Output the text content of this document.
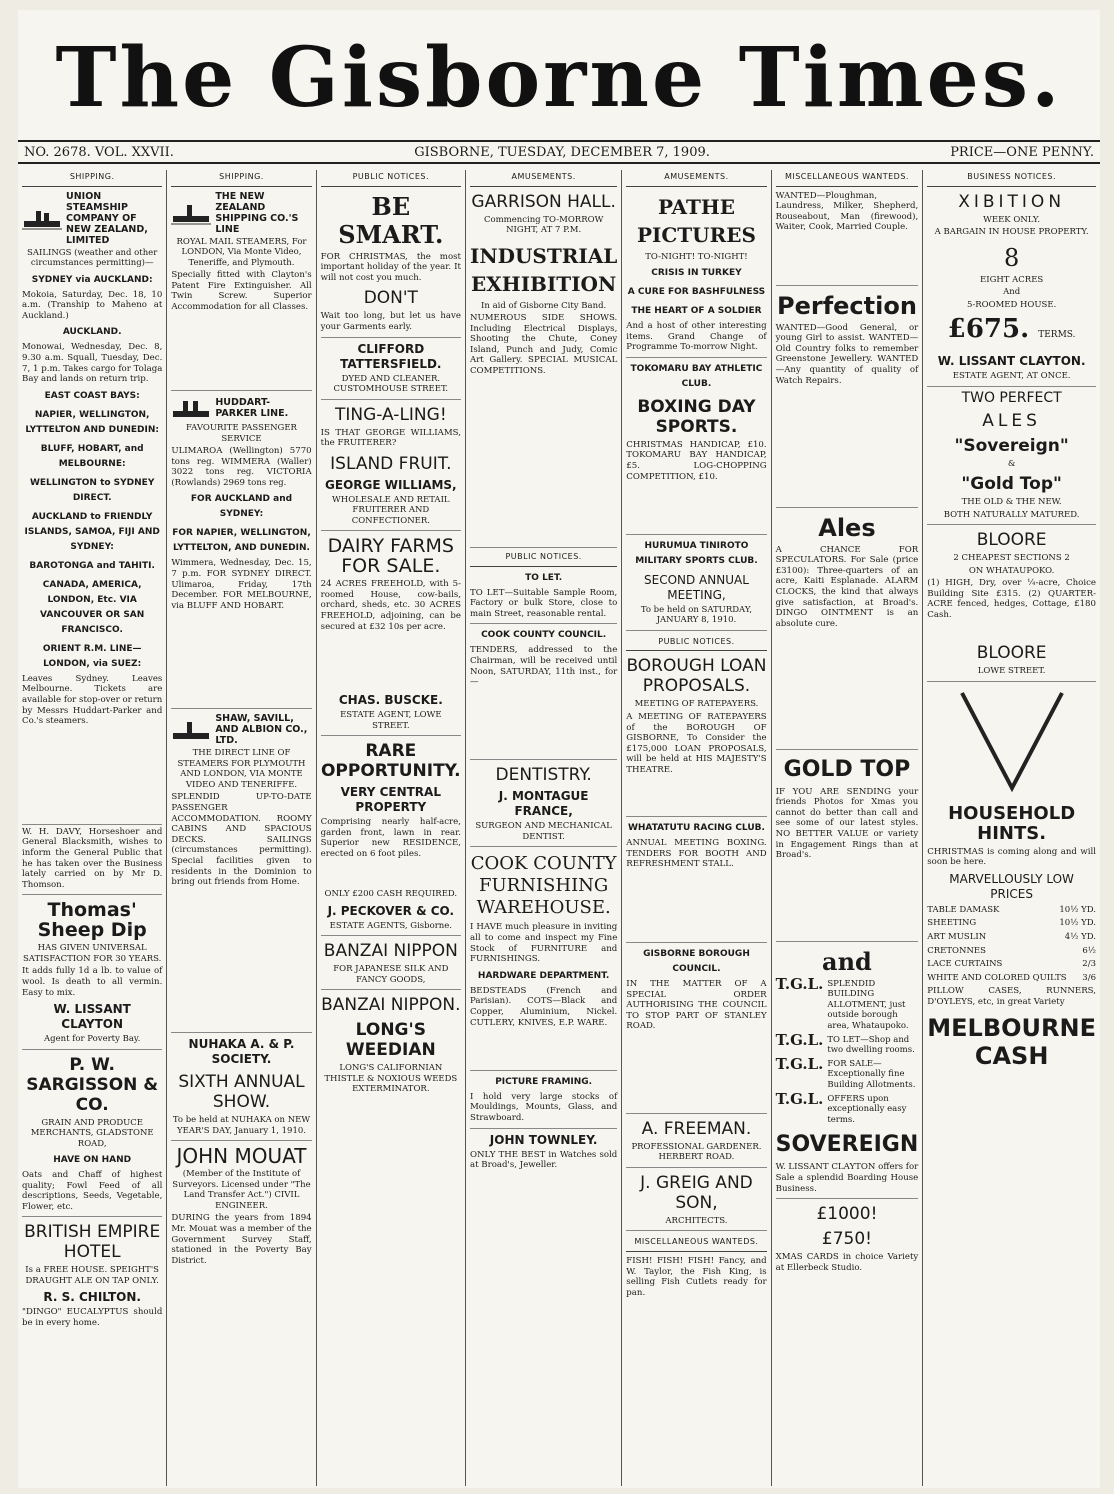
The Gisborne Times.
NO. 2678. VOL. XXVII.	GISBORNE, TUESDAY, DECEMBER 7, 1909.	PRICE—ONE PENNY.
SHIPPING.
UNION STEAMSHIP COMPANY OF NEW ZEALAND, LIMITED
SAILINGS (weather and other circumstances permitting)—
SYDNEY via AUCKLAND:
Mokoia, Saturday, Dec. 18, 10 a.m. (Tranship to Maheno at Auckland.)
AUCKLAND.
Monowai, Wednesday, Dec. 8, 9.30 a.m. Squall, Tuesday, Dec. 7, 1 p.m. Takes cargo for Tolaga Bay and lands on return trip.
EAST COAST BAYS:
NAPIER, WELLINGTON, LYTTELTON AND DUNEDIN:
BLUFF, HOBART, and MELBOURNE:
WELLINGTON to SYDNEY DIRECT.
AUCKLAND to FRIENDLY ISLANDS, SAMOA, FIJI AND SYDNEY:
BAROTONGA and TAHITI.
CANADA, AMERICA, LONDON, Etc. VIA VANCOUVER OR SAN FRANCISCO.
ORIENT R.M. LINE—LONDON, via SUEZ:
Leaves Sydney. Leaves Melbourne. Tickets are available for stop-over or return by Messrs Huddart-Parker and Co.'s steamers.
W. H. DAVY, Horseshoer and General Blacksmith, wishes to inform the General Public that he has taken over the Business lately carried on by Mr D. Thomson.
Thomas' Sheep Dip
HAS GIVEN UNIVERSAL SATISFACTION FOR 30 YEARS.
It adds fully 1d a lb. to value of wool. Is death to all vermin. Easy to mix.
W. LISSANT CLAYTON
Agent for Poverty Bay.
P. W. SARGISSON & CO.
GRAIN AND PRODUCE MERCHANTS, GLADSTONE ROAD,
HAVE ON HAND
Oats and Chaff of highest quality; Fowl Feed of all descriptions, Seeds, Vegetable, Flower, etc.
BRITISH EMPIRE HOTEL
Is a FREE HOUSE. SPEIGHT'S DRAUGHT ALE ON TAP ONLY.
R. S. CHILTON.
"DINGO" EUCALYPTUS should be in every home.
SHIPPING.
THE NEW ZEALAND SHIPPING CO.'S LINE
ROYAL MAIL STEAMERS, For LONDON, Via Monte Video, Teneriffe, and Plymouth.
Specially fitted with Clayton's Patent Fire Extinguisher. All Twin Screw. Superior Accommodation for all Classes.
HUDDART-PARKER LINE.
FAVOURITE PASSENGER SERVICE
ULIMAROA (Wellington) 5770 tons reg. WIMMERA (Waller) 3022 tons reg. VICTORIA (Rowlands) 2969 tons reg.
FOR AUCKLAND and SYDNEY:
FOR NAPIER, WELLINGTON, LYTTELTON, AND DUNEDIN.
Wimmera, Wednesday, Dec. 15, 7 p.m. FOR SYDNEY DIRECT. Ulimaroa, Friday, 17th December. FOR MELBOURNE, via BLUFF AND HOBART.
SHAW, SAVILL, AND ALBION CO., LTD.
THE DIRECT LINE OF STEAMERS FOR PLYMOUTH AND LONDON, VIA MONTE VIDEO AND TENERIFFE.
SPLENDID UP-TO-DATE PASSENGER ACCOMMODATION. ROOMY CABINS AND SPACIOUS DECKS. SAILINGS (circumstances permitting). Special facilities given to residents in the Dominion to bring out friends from Home.
NUHAKA A. & P. SOCIETY.
SIXTH ANNUAL SHOW.
To be held at NUHAKA on NEW YEAR'S DAY, January 1, 1910.
JOHN MOUAT
(Member of the Institute of Surveyors. Licensed under "The Land Transfer Act.") CIVIL ENGINEER.
DURING the years from 1894 Mr. Mouat was a member of the Government Survey Staff, stationed in the Poverty Bay District.
PUBLIC NOTICES.
BE SMART.
FOR CHRISTMAS, the most important holiday of the year. It will not cost you much.
DON'T
Wait too long, but let us have your Garments early.
CLIFFORD TATTERSFIELD.
DYED AND CLEANER. CUSTOMHOUSE STREET.
TING-A-LING!
IS THAT GEORGE WILLIAMS, the FRUITERER?
ISLAND FRUIT.
GEORGE WILLIAMS,
WHOLESALE AND RETAIL FRUITERER AND CONFECTIONER.
DAIRY FARMS FOR SALE.
24 ACRES FREEHOLD, with 5-roomed House, cow-bails, orchard, sheds, etc. 30 ACRES FREEHOLD, adjoining, can be secured at £32 10s per acre.
CHAS. BUSCKE.
ESTATE AGENT, LOWE STREET.
RARE OPPORTUNITY.
VERY CENTRAL PROPERTY
Comprising nearly half-acre, garden front, lawn in rear. Superior new RESIDENCE, erected on 6 foot piles.
ONLY £200 CASH REQUIRED.
J. PECKOVER & CO.
ESTATE AGENTS, Gisborne.
BANZAI NIPPON
FOR JAPANESE SILK AND FANCY GOODS,
BANZAI NIPPON.
LONG'S WEEDIAN
LONG'S CALIFORNIAN THISTLE & NOXIOUS WEEDS EXTERMINATOR.
AMUSEMENTS.
GARRISON HALL.
Commencing TO-MORROW NIGHT, AT 7 P.M.
INDUSTRIAL EXHIBITION
In aid of Gisborne City Band.
NUMEROUS SIDE SHOWS. Including Electrical Displays, Shooting the Chute, Coney Island, Punch and Judy, Comic Art Gallery. SPECIAL MUSICAL COMPETITIONS.
PUBLIC NOTICES.
TO LET.
TO LET—Suitable Sample Room, Factory or bulk Store, close to main Street, reasonable rental.
COOK COUNTY COUNCIL.
TENDERS, addressed to the Chairman, will be received until Noon, SATURDAY, 11th inst., for—
DENTISTRY.
J. MONTAGUE FRANCE,
SURGEON AND MECHANICAL DENTIST.
COOK COUNTY FURNISHING WAREHOUSE.
I HAVE much pleasure in inviting all to come and inspect my Fine Stock of FURNITURE and FURNISHINGS.
HARDWARE DEPARTMENT.
BEDSTEADS (French and Parisian). COTS—Black and Copper, Aluminium, Nickel. CUTLERY, KNIVES, E.P. WARE.
PICTURE FRAMING.
I hold very large stocks of Mouldings, Mounts, Glass, and Strawboard.
JOHN TOWNLEY.
ONLY THE BEST in Watches sold at Broad's, Jeweller.
AMUSEMENTS.
PATHE PICTURES
TO-NIGHT! TO-NIGHT!
CRISIS IN TURKEY
A CURE FOR BASHFULNESS
THE HEART OF A SOLDIER
And a host of other interesting items. Grand Change of Programme To-morrow Night.
TOKOMARU BAY ATHLETIC CLUB.
BOXING DAY SPORTS.
CHRISTMAS HANDICAP, £10. TOKOMARU BAY HANDICAP, £5. LOG-CHOPPING COMPETITION, £10.
HURUMUA TINIROTO MILITARY SPORTS CLUB.
SECOND ANNUAL MEETING,
To be held on SATURDAY, JANUARY 8, 1910.
PUBLIC NOTICES.
BOROUGH LOAN PROPOSALS.
MEETING OF RATEPAYERS.
A MEETING OF RATEPAYERS of the BOROUGH OF GISBORNE, To Consider the £175,000 LOAN PROPOSALS, will be held at HIS MAJESTY'S THEATRE.
WHATATUTU RACING CLUB.
ANNUAL MEETING BOXING. TENDERS FOR BOOTH AND REFRESHMENT STALL.
GISBORNE BOROUGH COUNCIL.
IN THE MATTER OF A SPECIAL ORDER AUTHORISING THE COUNCIL TO STOP PART OF STANLEY ROAD.
A. FREEMAN.
PROFESSIONAL GARDENER. HERBERT ROAD.
J. GREIG AND SON,
ARCHITECTS.
MISCELLANEOUS WANTEDS.
FISH! FISH! FISH! Fancy, and W. Taylor, the Fish King, is selling Fish Cutlets ready for pan.
MISCELLANEOUS WANTEDS.
WANTED—Ploughman, Laundress, Milker, Shepherd, Rouseabout, Man (firewood), Waiter, Cook, Married Couple.
Perfection
WANTED—Good General, or young Girl to assist. WANTED—Old Country folks to remember Greenstone Jewellery. WANTED—Any quantity of quality of Watch Repairs.
Ales
A CHANCE FOR SPECULATORS. For Sale (price £3100): Three-quarters of an acre, Kaiti Esplanade. ALARM CLOCKS, the kind that always give satisfaction, at Broad's. DINGO OINTMENT is an absolute cure.
GOLD TOP
IF YOU ARE SENDING your friends Photos for Xmas you cannot do better than call and see some of our latest styles. NO BETTER VALUE or variety in Engagement Rings than at Broad's.
and
T.G.L. SPLENDID BUILDING ALLOTMENT, just outside borough area, Whataupoko.
T.G.L. TO LET—Shop and two dwelling rooms.
T.G.L. FOR SALE—Exceptionally fine Building Allotments.
T.G.L. OFFERS upon exceptionally easy terms.
SOVEREIGN
W. LISSANT CLAYTON offers for Sale a splendid Boarding House Business.
£1000!
£750!
XMAS CARDS in choice Variety at Ellerbeck Studio.
BUSINESS NOTICES.
XIBITION
WEEK ONLY.
A BARGAIN IN HOUSE PROPERTY.
8
EIGHT ACRES
And
5-ROOMED HOUSE.
£675. TERMS.
W. LISSANT CLAYTON.
ESTATE AGENT, AT ONCE.
TWO PERFECT
ALES
"Sovereign"
&
"Gold Top"
THE OLD & THE NEW.
BOTH NATURALLY MATURED.
BLOORE
2 CHEAPEST SECTIONS 2
ON WHATAUPOKO.
(1) HIGH, Dry, over ¼-acre, Choice Building Site £315. (2) QUARTER-ACRE fenced, hedges, Cottage, £180 Cash.
BLOORE
LOWE STREET.
HOUSEHOLD HINTS.
CHRISTMAS is coming along and will soon be here.
MARVELLOUSLY LOW PRICES
TABLE DAMASK	10½ YD.
SHEETING	10½ YD.
ART MUSLIN	4½ YD.
CRETONNES	6½
LACE CURTAINS	2/3
WHITE AND COLORED QUILTS 3/6
PILLOW CASES, RUNNERS, D'OYLEYS, etc, in great Variety
MELBOURNE CASH
